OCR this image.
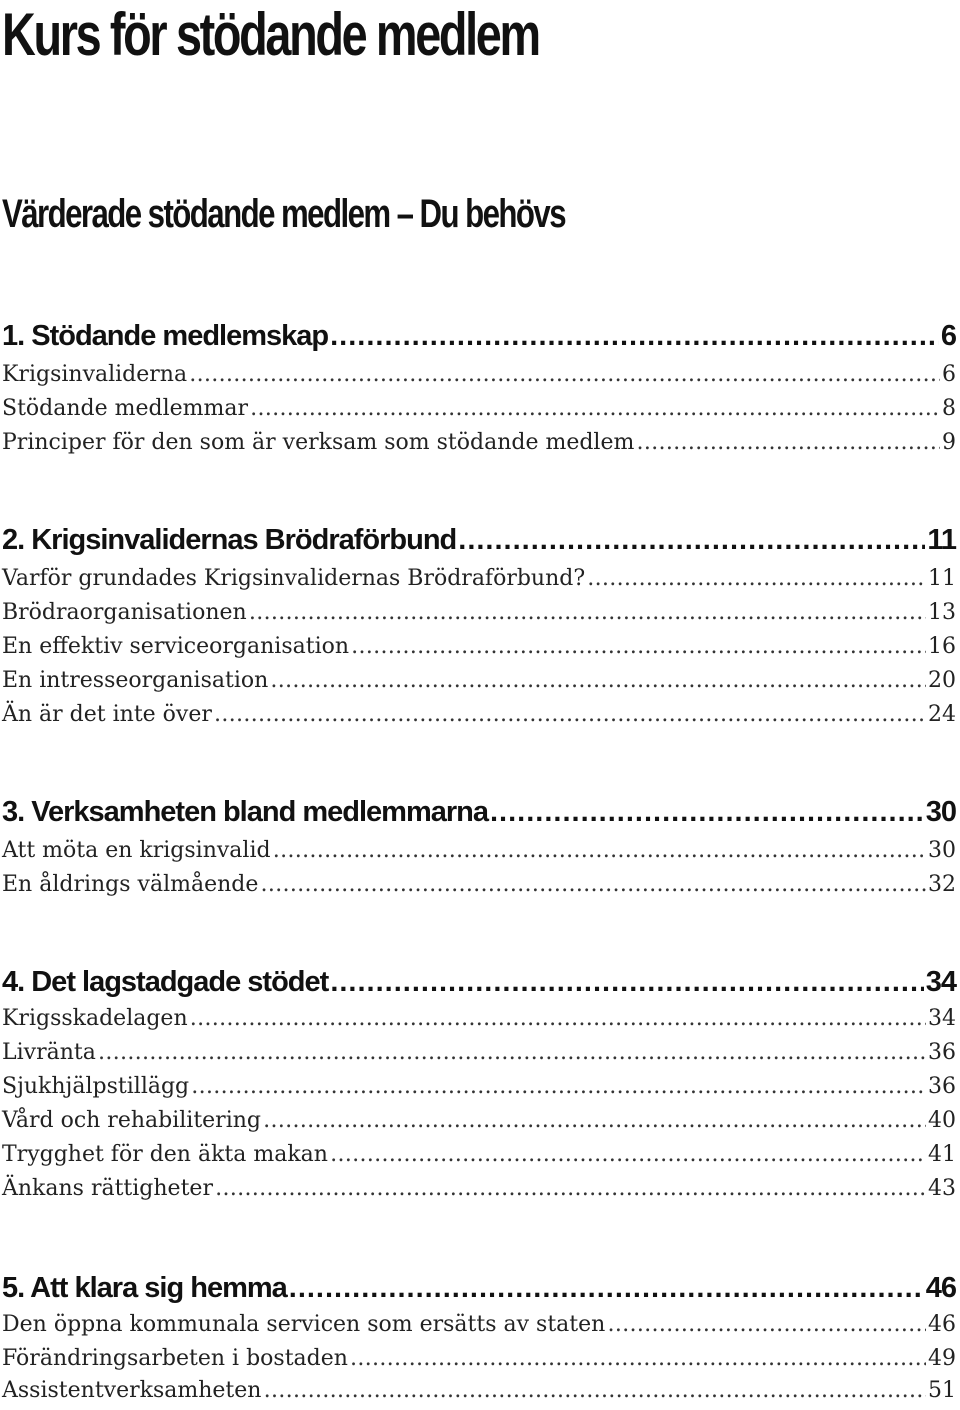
Kurs för stödande medlem
Värderade stödande medlem – Du behövs
1. Stödande medlemskap .....	6
Krigsinvaliderna …………………………………………………………………………………………………………………………………………………………………………………………………	6
Stödande medlemmar …………………………………………………………………………………………………………………………………………………………………………………………………	8
Principer för den som är verksam som stödande medlem …………………………………………………………………………………………………………………………………………………………………………………………………	9
2. Krigsinvalidernas Brödraförbund .....	11
Varför grundades Krigsinvalidernas Brödraförbund? …………………………………………………………………………………………………………………………………………………………………………………………………	11
Brödraorganisationen …………………………………………………………………………………………………………………………………………………………………………………………………	13
En effektiv serviceorganisation …………………………………………………………………………………………………………………………………………………………………………………………………	16
En intresseorganisation …………………………………………………………………………………………………………………………………………………………………………………………………	20
Än är det inte över …………………………………………………………………………………………………………………………………………………………………………………………………	24
3. Verksamheten bland medlemmarna .....	30
Att möta en krigsinvalid …………………………………………………………………………………………………………………………………………………………………………………………………	30
En åldrings välmående …………………………………………………………………………………………………………………………………………………………………………………………………	32
4. Det lagstadgade stödet .....	34
Krigsskadelagen …………………………………………………………………………………………………………………………………………………………………………………………………	34
Livränta …………………………………………………………………………………………………………………………………………………………………………………………………	36
Sjukhjälpstillägg …………………………………………………………………………………………………………………………………………………………………………………………………	36
Vård och rehabilitering …………………………………………………………………………………………………………………………………………………………………………………………………	40
Trygghet för den äkta makan …………………………………………………………………………………………………………………………………………………………………………………………………	41
Änkans rättigheter …………………………………………………………………………………………………………………………………………………………………………………………………	43
5. Att klara sig hemma .....	46
Den öppna kommunala servicen som ersätts av staten …………………………………………………………………………………………………………………………………………………………………………………………………	46
Förändringsarbeten i bostaden …………………………………………………………………………………………………………………………………………………………………………………………………	49
Assistentverksamheten …………………………………………………………………………………………………………………………………………………………………………………………………	51
